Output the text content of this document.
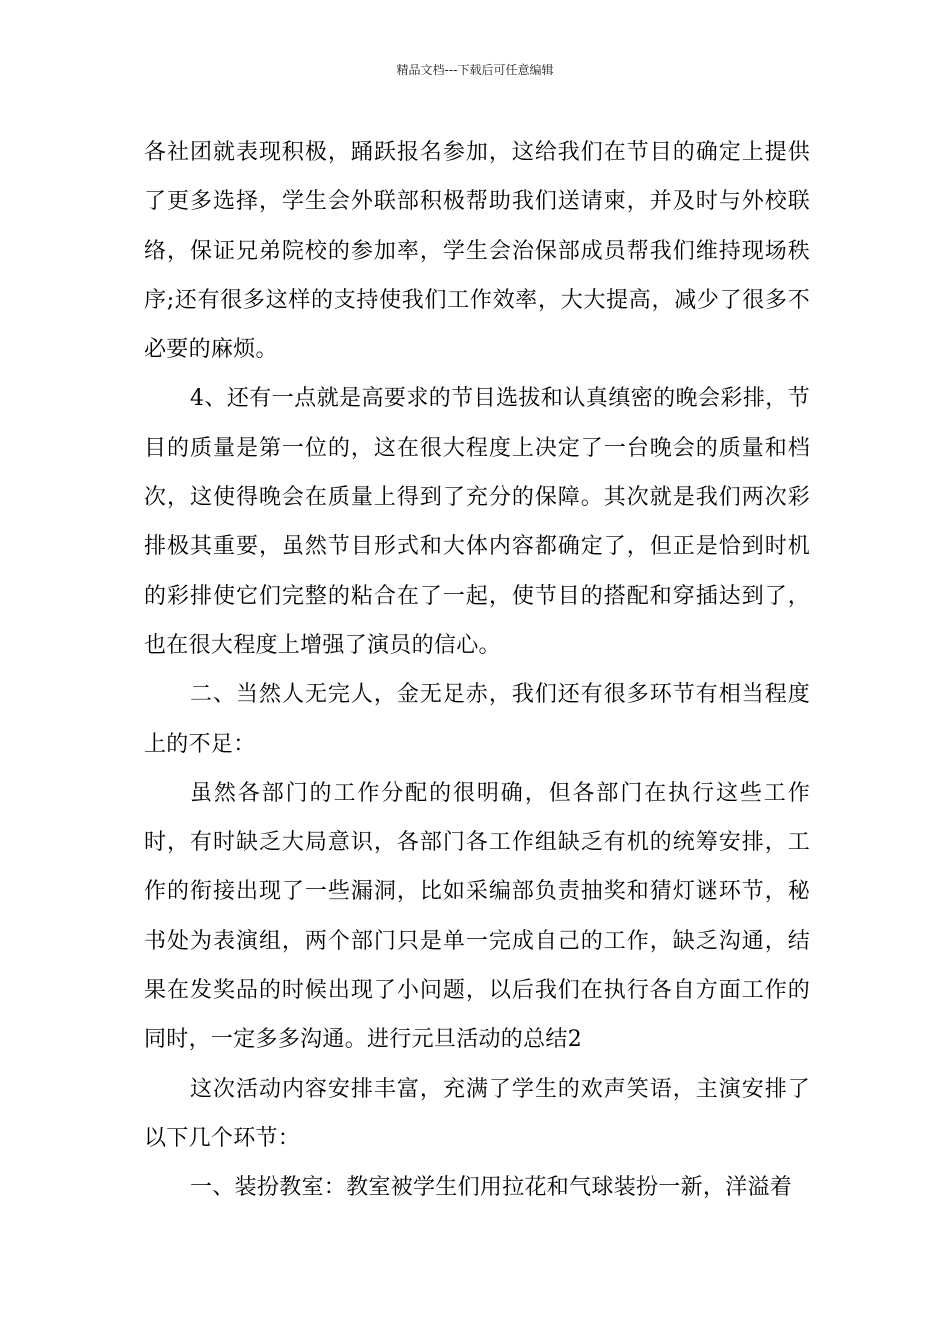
精品文档---下载后可任意编辑

各社团就表现积极，踊跃报名参加，这给我们在节目的确定上提供了更多选择，学生会外联部积极帮助我们送请柬，并及时与外校联络，保证兄弟院校的参加率，学生会治保部成员帮我们维持现场秩序;还有很多这样的支持使我们工作效率，大大提高，减少了很多不必要的麻烦。

4、还有一点就是高要求的节目选拔和认真缜密的晚会彩排，节目的质量是第一位的，这在很大程度上决定了一台晚会的质量和档次，这使得晚会在质量上得到了充分的保障。其次就是我们两次彩排极其重要，虽然节目形式和大体内容都确定了，但正是恰到时机的彩排使它们完整的粘合在了一起，使节目的搭配和穿插达到了，也在很大程度上增强了演员的信心。

二、当然人无完人，金无足赤，我们还有很多环节有相当程度上的不足：

虽然各部门的工作分配的很明确，但各部门在执行这些工作时，有时缺乏大局意识，各部门各工作组缺乏有机的统筹安排，工作的衔接出现了一些漏洞，比如采编部负责抽奖和猜灯谜环节，秘书处为表演组，两个部门只是单一完成自己的工作，缺乏沟通，结果在发奖品的时候出现了小问题，以后我们在执行各自方面工作的同时，一定多多沟通。进行元旦活动的总结2

这次活动内容安排丰富，充满了学生的欢声笑语，主演安排了以下几个环节：

一、装扮教室：教室被学生们用拉花和气球装扮一新，洋溢着
